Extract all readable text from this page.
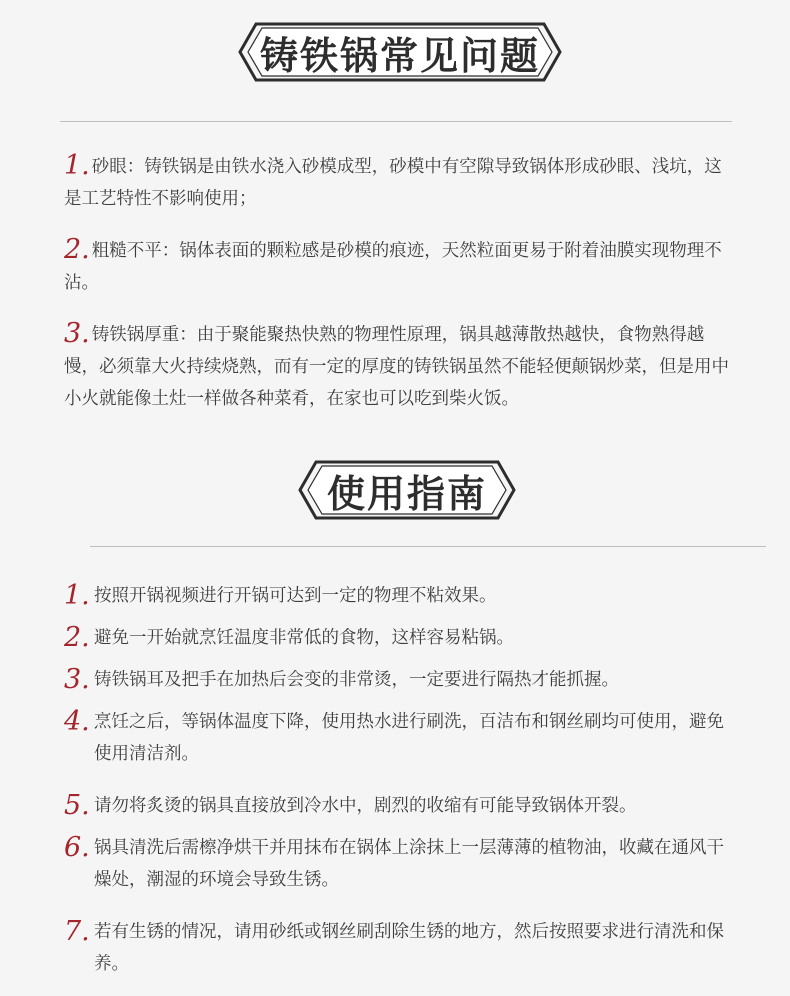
铸铁锅常见问题
1. 砂眼：铸铁锅是由铁水浇入砂模成型，砂模中有空隙导致锅体形成砂眼、浅坑，这是工艺特性不影响使用；
2. 粗糙不平：锅体表面的颗粒感是砂模的痕迹，天然粒面更易于附着油膜实现物理不沾。
3. 铸铁锅厚重：由于聚能聚热快熟的物理性原理，锅具越薄散热越快，食物熟得越慢，必须靠大火持续烧熟，而有一定的厚度的铸铁锅虽然不能轻便颠锅炒菜，但是用中小火就能像土灶一样做各种菜肴，在家也可以吃到柴火饭。
使用指南
1. 按照开锅视频进行开锅可达到一定的物理不粘效果。
2. 避免一开始就烹饪温度非常低的食物，这样容易粘锅。
3. 铸铁锅耳及把手在加热后会变的非常烫，一定要进行隔热才能抓握。
4. 烹饪之后，等锅体温度下降，使用热水进行刷洗，百洁布和钢丝刷均可使用，避免使用清洁剂。
5. 请勿将炙烫的锅具直接放到冷水中，剧烈的收缩有可能导致锅体开裂。
6. 锅具清洗后需檫净烘干并用抹布在锅体上涂抹上一层薄薄的植物油，收藏在通风干燥处，潮湿的环境会导致生锈。
7. 若有生锈的情况，请用砂纸或钢丝刷刮除生锈的地方，然后按照要求进行清洗和保养。
